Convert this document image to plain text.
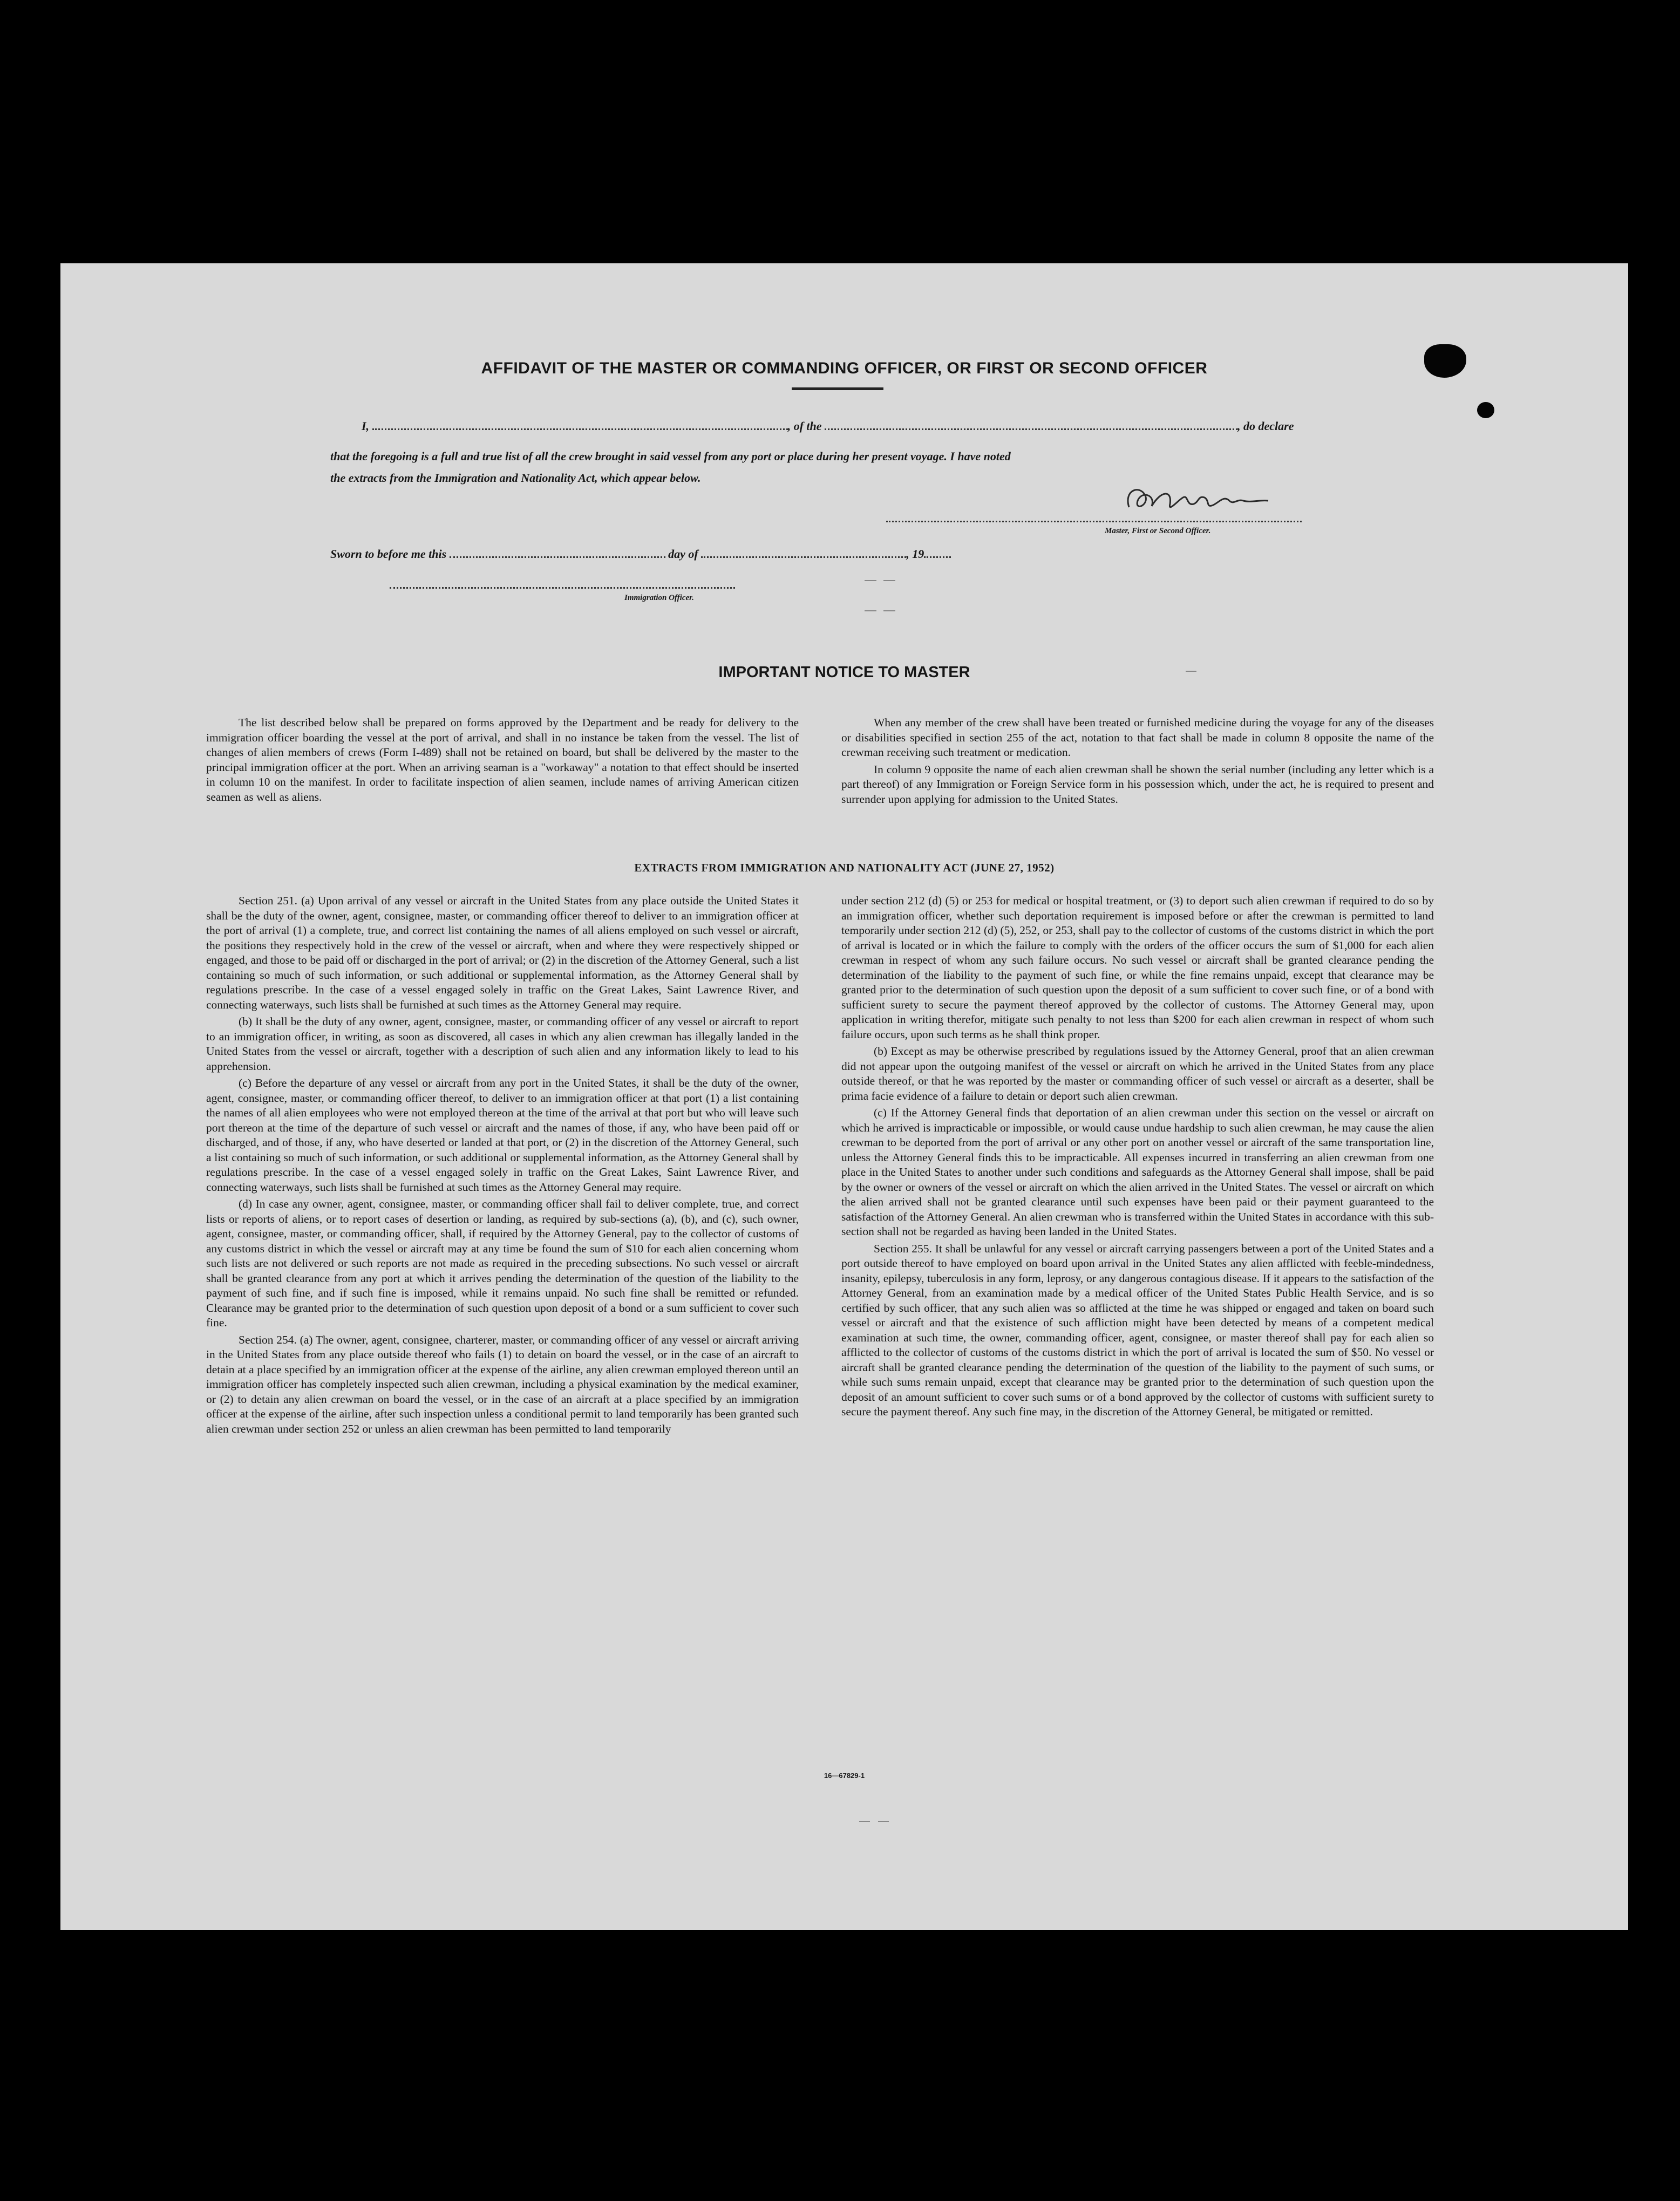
AFFIDAVIT OF THE MASTER OR COMMANDING OFFICER, OR FIRST OR SECOND OFFICER
I,	, of the	, do declare
that the foregoing is a full and true list of all the crew brought in said vessel from any port or place during her present voyage. I have noted
the extracts from the Immigration and Nationality Act, which appear below.
Master, First or Second Officer.
Sworn to before me this	day of	, 19
Immigration Officer.
IMPORTANT NOTICE TO MASTER

The list described below shall be prepared on forms approved by the Department and be ready for delivery to the immigration officer boarding the vessel at the port of arrival, and shall in no instance be taken from the vessel. The list of changes of alien members of crews (Form I-489) shall not be retained on board, but shall be delivered by the master to the principal immigration officer at the port. When an arriving seaman is a "workaway" a notation to that effect should be inserted in column 10 on the manifest. In order to facilitate inspection of alien seamen, include names of arriving American citizen seamen as well as aliens.

When any member of the crew shall have been treated or furnished medicine during the voyage for any of the diseases or disabilities specified in section 255 of the act, notation to that fact shall be made in column 8 opposite the name of the crewman receiving such treatment or medication.

In column 9 opposite the name of each alien crewman shall be shown the serial number (including any letter which is a part thereof) of any Immigration or Foreign Service form in his possession which, under the act, he is required to present and surrender upon applying for admission to the United States.

EXTRACTS FROM IMMIGRATION AND NATIONALITY ACT (JUNE 27, 1952)

Section 251. (a) Upon arrival of any vessel or aircraft in the United States from any place outside the United States it shall be the duty of the owner, agent, consignee, master, or commanding officer thereof to deliver to an immigration officer at the port of arrival (1) a complete, true, and correct list containing the names of all aliens employed on such vessel or aircraft, the positions they respectively hold in the crew of the vessel or aircraft, when and where they were respectively shipped or engaged, and those to be paid off or discharged in the port of arrival; or (2) in the discretion of the Attorney General, such a list containing so much of such information, or such additional or supplemental information, as the Attorney General shall by regulations prescribe. In the case of a vessel engaged solely in traffic on the Great Lakes, Saint Lawrence River, and connecting waterways, such lists shall be furnished at such times as the Attorney General may require.

(b) It shall be the duty of any owner, agent, consignee, master, or commanding officer of any vessel or aircraft to report to an immigration officer, in writing, as soon as discovered, all cases in which any alien crewman has illegally landed in the United States from the vessel or aircraft, together with a description of such alien and any information likely to lead to his apprehension.

(c) Before the departure of any vessel or aircraft from any port in the United States, it shall be the duty of the owner, agent, consignee, master, or commanding officer thereof, to deliver to an immigration officer at that port (1) a list containing the names of all alien employees who were not employed thereon at the time of the arrival at that port but who will leave such port thereon at the time of the departure of such vessel or aircraft and the names of those, if any, who have been paid off or discharged, and of those, if any, who have deserted or landed at that port, or (2) in the discretion of the Attorney General, such a list containing so much of such information, or such additional or supplemental information, as the Attorney General shall by regulations prescribe. In the case of a vessel engaged solely in traffic on the Great Lakes, Saint Lawrence River, and connecting waterways, such lists shall be furnished at such times as the Attorney General may require.

(d) In case any owner, agent, consignee, master, or commanding officer shall fail to deliver complete, true, and correct lists or reports of aliens, or to report cases of desertion or landing, as required by sub-sections (a), (b), and (c), such owner, agent, consignee, master, or commanding officer, shall, if required by the Attorney General, pay to the collector of customs of any customs district in which the vessel or aircraft may at any time be found the sum of $10 for each alien concerning whom such lists are not delivered or such reports are not made as required in the preceding subsections. No such vessel or aircraft shall be granted clearance from any port at which it arrives pending the determination of the question of the liability to the payment of such fine, and if such fine is imposed, while it remains unpaid. No such fine shall be remitted or refunded. Clearance may be granted prior to the determination of such question upon deposit of a bond or a sum sufficient to cover such fine.

Section 254. (a) The owner, agent, consignee, charterer, master, or commanding officer of any vessel or aircraft arriving in the United States from any place outside thereof who fails (1) to detain on board the vessel, or in the case of an aircraft to detain at a place specified by an immigration officer at the expense of the airline, any alien crewman employed thereon until an immigration officer has completely inspected such alien crewman, including a physical examination by the medical examiner, or (2) to detain any alien crewman on board the vessel, or in the case of an aircraft at a place specified by an immigration officer at the expense of the airline, after such inspection unless a conditional permit to land temporarily has been granted such alien crewman under section 252 or unless an alien crewman has been permitted to land temporarily

under section 212 (d) (5) or 253 for medical or hospital treatment, or (3) to deport such alien crewman if required to do so by an immigration officer, whether such deportation requirement is imposed before or after the crewman is permitted to land temporarily under section 212 (d) (5), 252, or 253, shall pay to the collector of customs of the customs district in which the port of arrival is located or in which the failure to comply with the orders of the officer occurs the sum of $1,000 for each alien crewman in respect of whom any such failure occurs. No such vessel or aircraft shall be granted clearance pending the determination of the liability to the payment of such fine, or while the fine remains unpaid, except that clearance may be granted prior to the determination of such question upon the deposit of a sum sufficient to cover such fine, or of a bond with sufficient surety to secure the payment thereof approved by the collector of customs. The Attorney General may, upon application in writing therefor, mitigate such penalty to not less than $200 for each alien crewman in respect of whom such failure occurs, upon such terms as he shall think proper.

(b) Except as may be otherwise prescribed by regulations issued by the Attorney General, proof that an alien crewman did not appear upon the outgoing manifest of the vessel or aircraft on which he arrived in the United States from any place outside thereof, or that he was reported by the master or commanding officer of such vessel or aircraft as a deserter, shall be prima facie evidence of a failure to detain or deport such alien crewman.

(c) If the Attorney General finds that deportation of an alien crewman under this section on the vessel or aircraft on which he arrived is impracticable or impossible, or would cause undue hardship to such alien crewman, he may cause the alien crewman to be deported from the port of arrival or any other port on another vessel or aircraft of the same transportation line, unless the Attorney General finds this to be impracticable. All expenses incurred in transferring an alien crewman from one place in the United States to another under such conditions and safeguards as the Attorney General shall impose, shall be paid by the owner or owners of the vessel or aircraft on which the alien arrived in the United States. The vessel or aircraft on which the alien arrived shall not be granted clearance until such expenses have been paid or their payment guaranteed to the satisfaction of the Attorney General. An alien crewman who is transferred within the United States in accordance with this sub-section shall not be regarded as having been landed in the United States.

Section 255. It shall be unlawful for any vessel or aircraft carrying passengers between a port of the United States and a port outside thereof to have employed on board upon arrival in the United States any alien afflicted with feeble-mindedness, insanity, epilepsy, tuberculosis in any form, leprosy, or any dangerous contagious disease. If it appears to the satisfaction of the Attorney General, from an examination made by a medical officer of the United States Public Health Service, and is so certified by such officer, that any such alien was so afflicted at the time he was shipped or engaged and taken on board such vessel or aircraft and that the existence of such affliction might have been detected by means of a competent medical examination at such time, the owner, commanding officer, agent, consignee, or master thereof shall pay for each alien so afflicted to the collector of customs of the customs district in which the port of arrival is located the sum of $50. No vessel or aircraft shall be granted clearance pending the determination of the question of the liability to the payment of such sums, or while such sums remain unpaid, except that clearance may be granted prior to the determination of such question upon the deposit of an amount sufficient to cover such sums or of a bond approved by the collector of customs with sufficient surety to secure the payment thereof. Any such fine may, in the discretion of the Attorney General, be mitigated or remitted.

16—67829-1
